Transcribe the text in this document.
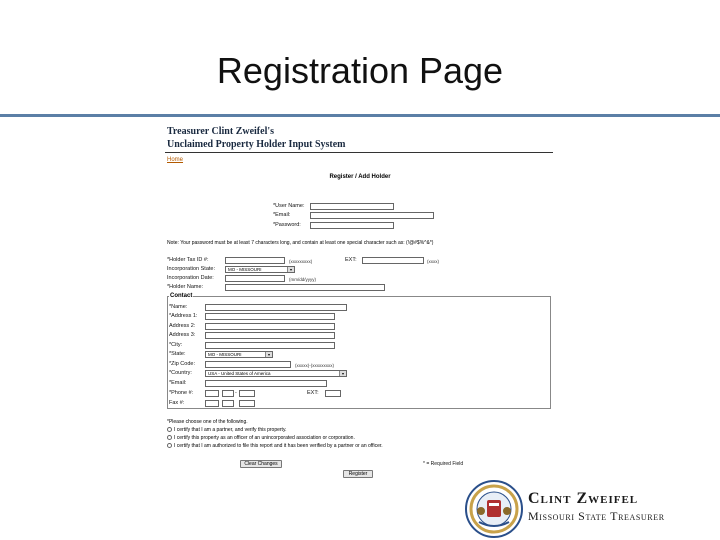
Registration Page
Treasurer Clint Zweifel's
Unclaimed Property Holder Input System
Home
Register / Add Holder
*User Name:
*Email:
*Password:
Note: Your password must be at least 7 characters long, and contain at least one special character such as: (!@#$%^&*)
*Holder Tax ID #:	(xxxxxxxxx)	EXT:	(xxxx)
Incorporation State:	MO - MISSOURI	▾
Incorporation Date:	(mm/dd/yyyy)
*Holder Name:
Contact
*Name:
*Address 1:
Address 2:
Address 3:
*City:
*State:	MO - MISSOURI	▾
*Zip Code:	(xxxxx)-(xxxxxxxxx)
*Country:	USA - United States of America	▾
*Email:
*Phone #:	-	EXT:
Fax #:
*Please choose one of the following.
I certify that I am a partner, and verify this property.
I certify this property as an officer of an unincorporated association or corporation.
I certify that I am authorized to file this report and it has been verified by a partner or an officer.
Clear Changes	* = Required Field
Register
Clint Zweifel
Missouri State Treasurer
